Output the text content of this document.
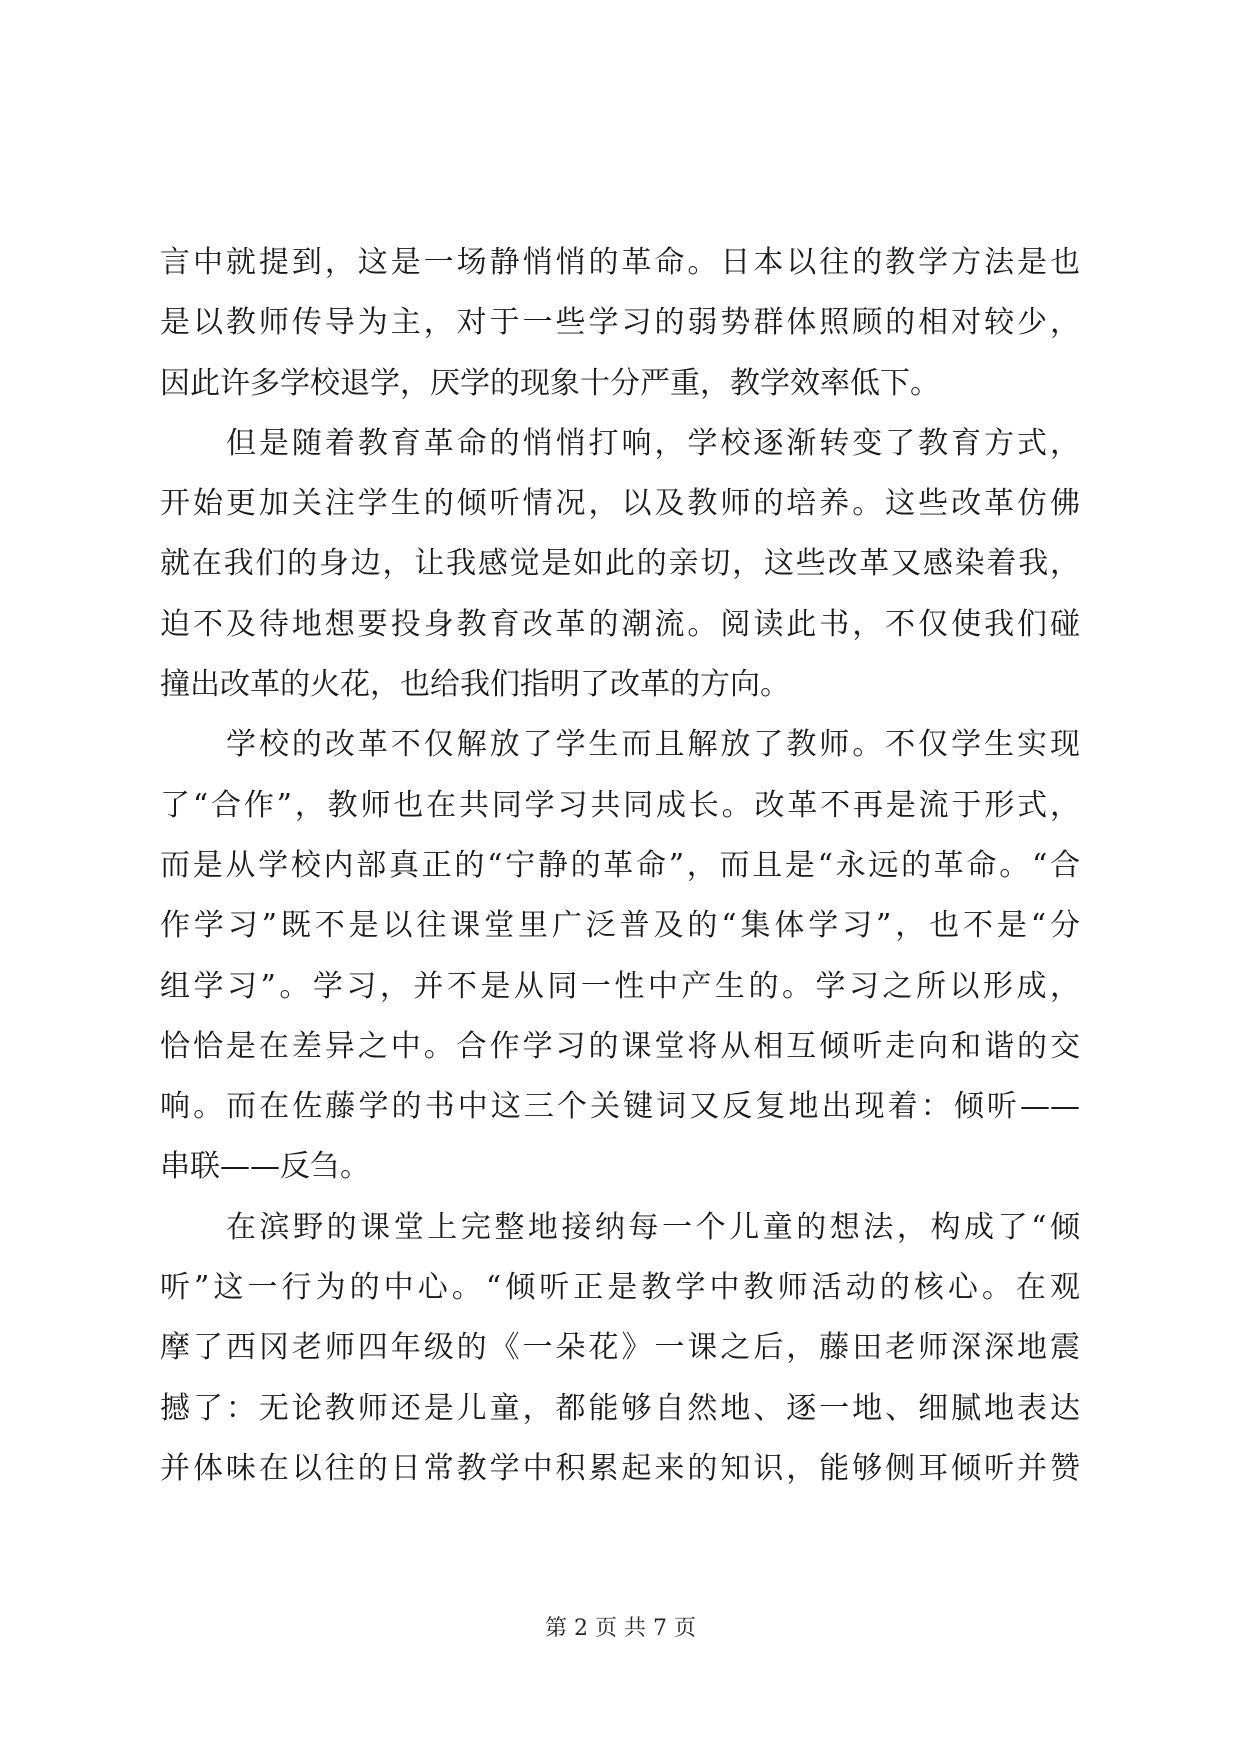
言中就提到，这是一场静悄悄的革命。日本以往的教学方法是也
是以教师传导为主，对于一些学习的弱势群体照顾的相对较少，
因此许多学校退学，厌学的现象十分严重，教学效率低下。
但是随着教育革命的悄悄打响，学校逐渐转变了教育方式，
开始更加关注学生的倾听情况，以及教师的培养。这些改革仿佛
就在我们的身边，让我感觉是如此的亲切，这些改革又感染着我，
迫不及待地想要投身教育改革的潮流。阅读此书，不仅使我们碰
撞出改革的火花，也给我们指明了改革的方向。
学校的改革不仅解放了学生而且解放了教师。不仅学生实现
了“合作”，教师也在共同学习共同成长。改革不再是流于形式，
而是从学校内部真正的“宁静的革命”，而且是“永远的革命。“合
作学习”既不是以往课堂里广泛普及的“集体学习”，也不是“分
组学习”。学习，并不是从同一性中产生的。学习之所以形成，
恰恰是在差异之中。合作学习的课堂将从相互倾听走向和谐的交
响。而在佐藤学的书中这三个关键词又反复地出现着：倾听——
串联——反刍。
在滨野的课堂上完整地接纳每一个儿童的想法，构成了“倾
听”这一行为的中心。“倾听正是教学中教师活动的核心。在观
摩了西冈老师四年级的《一朵花》一课之后，藤田老师深深地震
撼了：无论教师还是儿童，都能够自然地、逐一地、细腻地表达
并体味在以往的日常教学中积累起来的知识，能够侧耳倾听并赞
第 2 页 共 7 页
